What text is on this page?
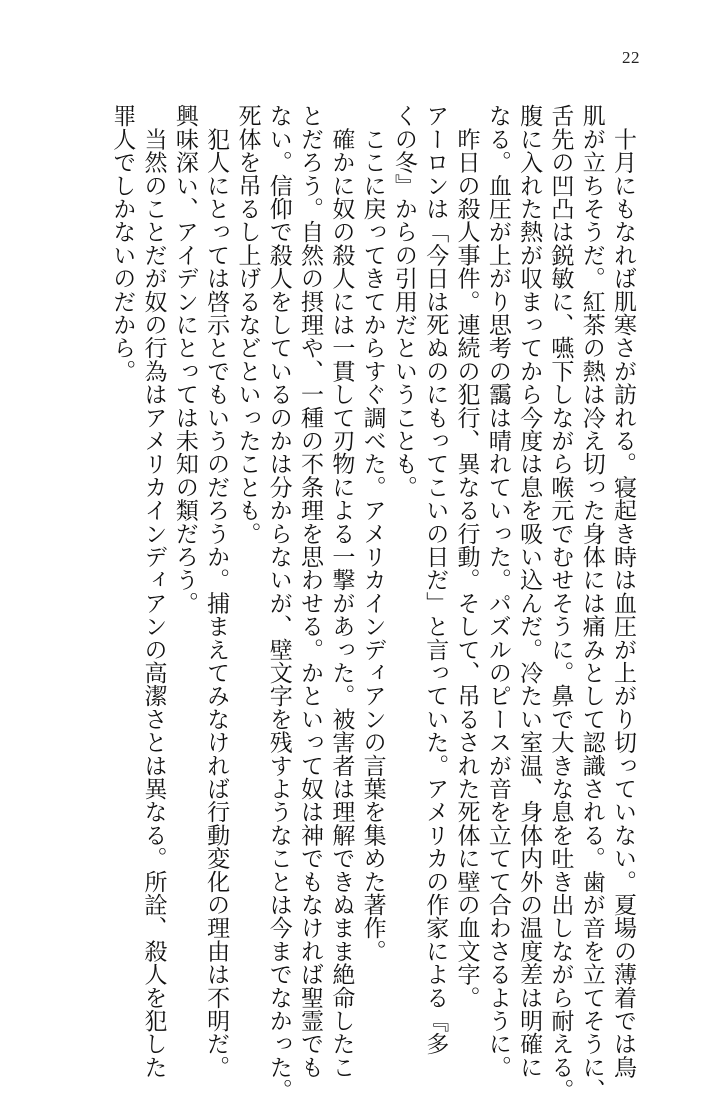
22
　十月にもなれば肌寒さが訪れる。寝起き時は血圧が上がり切っていない。夏場の薄着では鳥
肌が立ちそうだ。紅茶の熱は冷え切った身体には痛みとして認識される。歯が音を立てそうに、
舌先の凹凸は鋭敏に、嚥下しながら喉元でむせそうに。鼻で大きな息を吐き出しながら耐える。
腹に入れた熱が収まってから今度は息を吸い込んだ。冷たい室温、身体内外の温度差は明確に
なる。血圧が上がり思考の靄は晴れていった。パズルのピースが音を立てて合わさるように。
　昨日の殺人事件。連続の犯行、異なる行動。そして、吊るされた死体に壁の血文字。
アーロンは「今日は死ぬのにもってこいの日だ」と言っていた。アメリカの作家による『多
くの冬』からの引用だということも。
　ここに戻ってきてからすぐ調べた。アメリカインディアンの言葉を集めた著作。
　確かに奴の殺人には一貫して刃物による一撃があった。被害者は理解できぬまま絶命したこ
とだろう。自然の摂理や、一種の不条理を思わせる。かといって奴は神でもなければ聖霊でも
ない。信仰で殺人をしているのかは分からないが、壁文字を残すようなことは今までなかった。
死体を吊るし上げるなどといったことも。
　犯人にとっては啓示とでもいうのだろうか。捕まえてみなければ行動変化の理由は不明だ。
興味深い、アイデンにとっては未知の類だろう。
　当然のことだが奴の行為はアメリカインディアンの高潔さとは異なる。所詮、殺人を犯した
罪人でしかないのだから。
